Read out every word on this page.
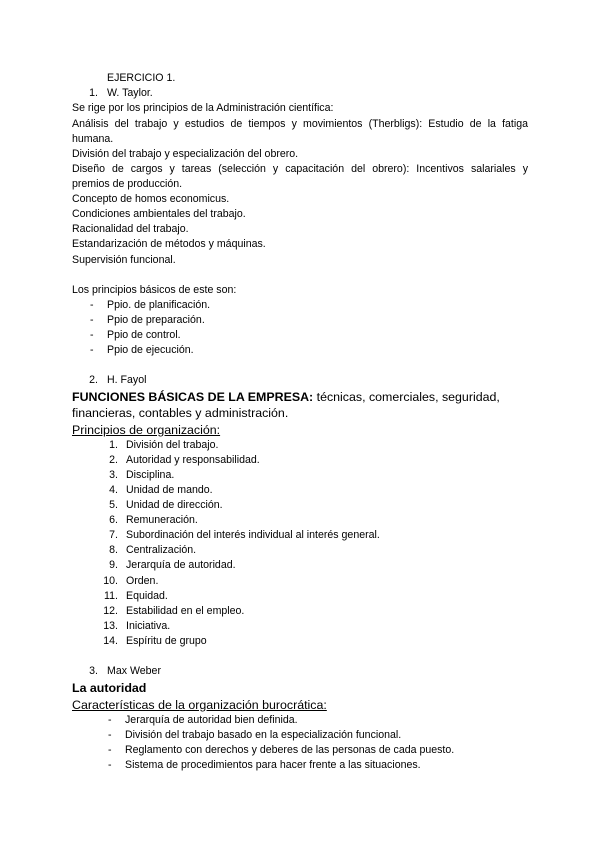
EJERCICIO 1.
1. W. Taylor.
Se rige por los principios de la Administración científica:
Análisis del trabajo y estudios de tiempos y movimientos (Therbligs): Estudio de la fatiga
humana.
División del trabajo y especialización del obrero.
Diseño de cargos y tareas (selección y capacitación del obrero): Incentivos salariales y
premios de producción.
Concepto de homos economicus.
Condiciones ambientales del trabajo.
Racionalidad del trabajo.
Estandarización de métodos y máquinas.
Supervisión funcional.
Los principios básicos de este son:
- Ppio. de planificación.
- Ppio de preparación.
- Ppio de control.
- Ppio de ejecución.
2. H. Fayol
FUNCIONES BÁSICAS DE LA EMPRESA: técnicas, comerciales, seguridad,
financieras, contables y administración.
Principios de organización:
1. División del trabajo.
2. Autoridad y responsabilidad.
3. Disciplina.
4. Unidad de mando.
5. Unidad de dirección.
6. Remuneración.
7. Subordinación del interés individual al interés general.
8. Centralización.
9. Jerarquía de autoridad.
10. Orden.
11. Equidad.
12. Estabilidad en el empleo.
13. Iniciativa.
14. Espíritu de grupo
3. Max Weber
La autoridad
Características de la organización burocrática:
- Jerarquía de autoridad bien definida.
- División del trabajo basado en la especialización funcional.
- Reglamento con derechos y deberes de las personas de cada puesto.
- Sistema de procedimientos para hacer frente a las situaciones.
